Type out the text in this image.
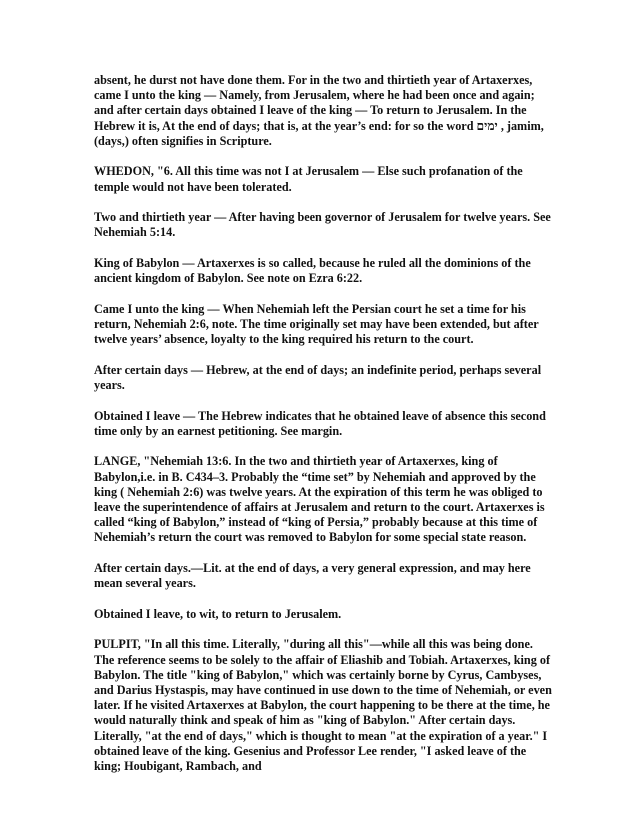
absent, he durst not have done them. For in the two and thirtieth year of Artaxerxes, came I unto the king — Namely, from Jerusalem, where he had been once and again; and after certain days obtained I leave of the king — To return to Jerusalem. In the Hebrew it is, At the end of days; that is, at the year’s end: for so the word ימים , jamim, (days,) often signifies in Scripture.

WHEDON, "6. All this time was not I at Jerusalem — Else such profanation of the temple would not have been tolerated.

Two and thirtieth year — After having been governor of Jerusalem for twelve years. See Nehemiah 5:14.

King of Babylon — Artaxerxes is so called, because he ruled all the dominions of the ancient kingdom of Babylon. See note on Ezra 6:22.

Came I unto the king — When Nehemiah left the Persian court he set a time for his return, Nehemiah 2:6, note. The time originally set may have been extended, but after twelve years’ absence, loyalty to the king required his return to the court.

After certain days — Hebrew, at the end of days; an indefinite period, perhaps several years.

Obtained I leave — The Hebrew indicates that he obtained leave of absence this second time only by an earnest petitioning. See margin.

LANGE, "Nehemiah 13:6. In the two and thirtieth year of Artaxerxes, king of Babylon,i.e. in B. C434–3. Probably the “time set” by Nehemiah and approved by the king ( Nehemiah 2:6) was twelve years. At the expiration of this term he was obliged to leave the superintendence of affairs at Jerusalem and return to the court. Artaxerxes is called “king of Babylon,” instead of “king of Persia,” probably because at this time of Nehemiah’s return the court was removed to Babylon for some special state reason.

After certain days.—Lit. at the end of days, a very general expression, and may here mean several years.

Obtained I leave, to wit, to return to Jerusalem.

PULPIT, "In all this time. Literally, "during all this"—while all this was being done. The reference seems to be solely to the affair of Eliashib and Tobiah. Artaxerxes, king of Babylon. The title "king of Babylon," which was certainly borne by Cyrus, Cambyses, and Darius Hystaspis, may have continued in use down to the time of Nehemiah, or even later. If he visited Artaxerxes at Babylon, the court happening to be there at the time, he would naturally think and speak of him as "king of Babylon." After certain days. Literally, "at the end of days," which is thought to mean "at the expiration of a year." I obtained leave of the king. Gesenius and Professor Lee render, "I asked leave of the king; Houbigant, Rambach, and
